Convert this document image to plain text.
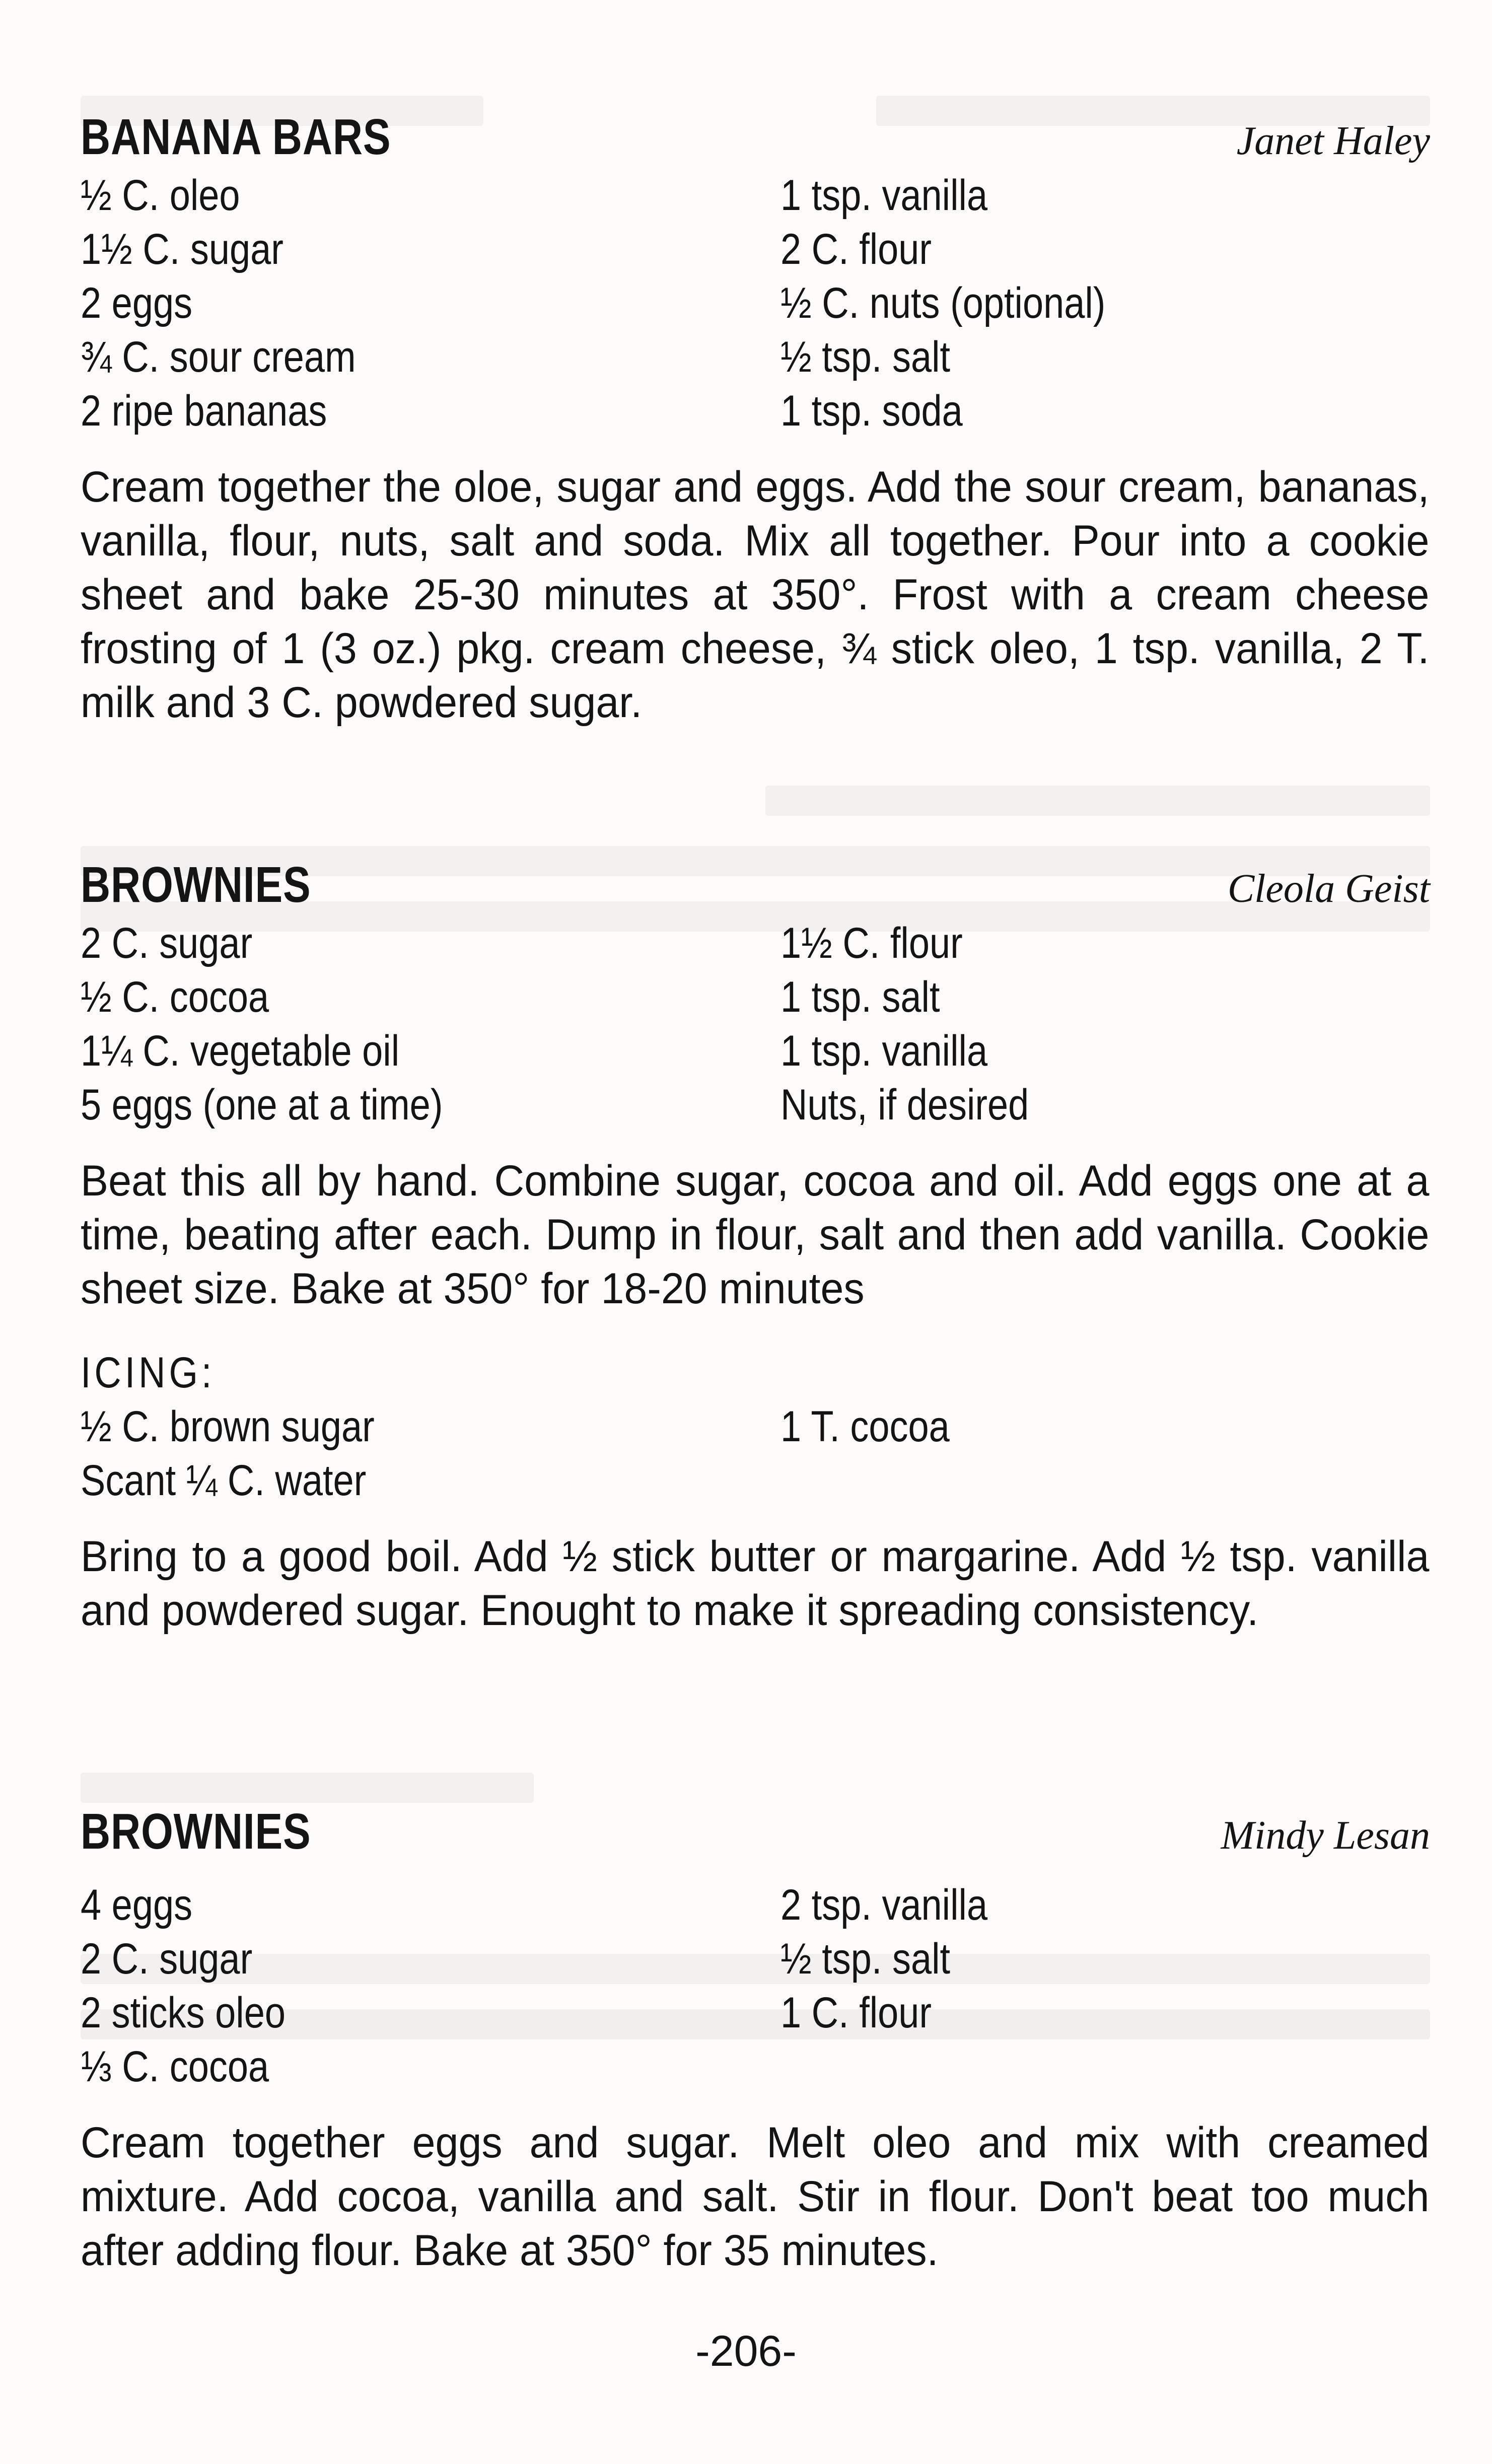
BANANA BARS	Janet Haley
½ C. oleo
1½ C. sugar
2 eggs
¾ C. sour cream
2 ripe bananas
1 tsp. vanilla
2 C. flour
½ C. nuts (optional)
½ tsp. salt
1 tsp. soda
Cream together the oloe, sugar and eggs. Add the sour cream, bananas, vanilla, flour, nuts, salt and soda. Mix all together. Pour into a cookie sheet and bake 25-30 minutes at 350°. Frost with a cream cheese frosting of 1 (3 oz.) pkg. cream cheese, ¾ stick oleo, 1 tsp. vanilla, 2 T. milk and 3 C. powdered sugar.
BROWNIES	Cleola Geist
2 C. sugar
½ C. cocoa
1¼ C. vegetable oil
5 eggs (one at a time)
1½ C. flour
1 tsp. salt
1 tsp. vanilla
Nuts, if desired
Beat this all by hand. Combine sugar, cocoa and oil. Add eggs one at a time, beating after each. Dump in flour, salt and then add vanilla. Cookie sheet size. Bake at 350° for 18-20 minutes
ICING:
½ C. brown sugar
Scant ¼ C. water
1 T. cocoa
Bring to a good boil. Add ½ stick butter or margarine. Add ½ tsp. vanilla and powdered sugar. Enought to make it spreading consistency.
BROWNIES	Mindy Lesan
4 eggs
2 C. sugar
2 sticks oleo
⅓ C. cocoa
2 tsp. vanilla
½ tsp. salt
1 C. flour
Cream together eggs and sugar. Melt oleo and mix with creamed mixture. Add cocoa, vanilla and salt. Stir in flour. Don't beat too much after adding flour. Bake at 350° for 35 minutes.
-206-
